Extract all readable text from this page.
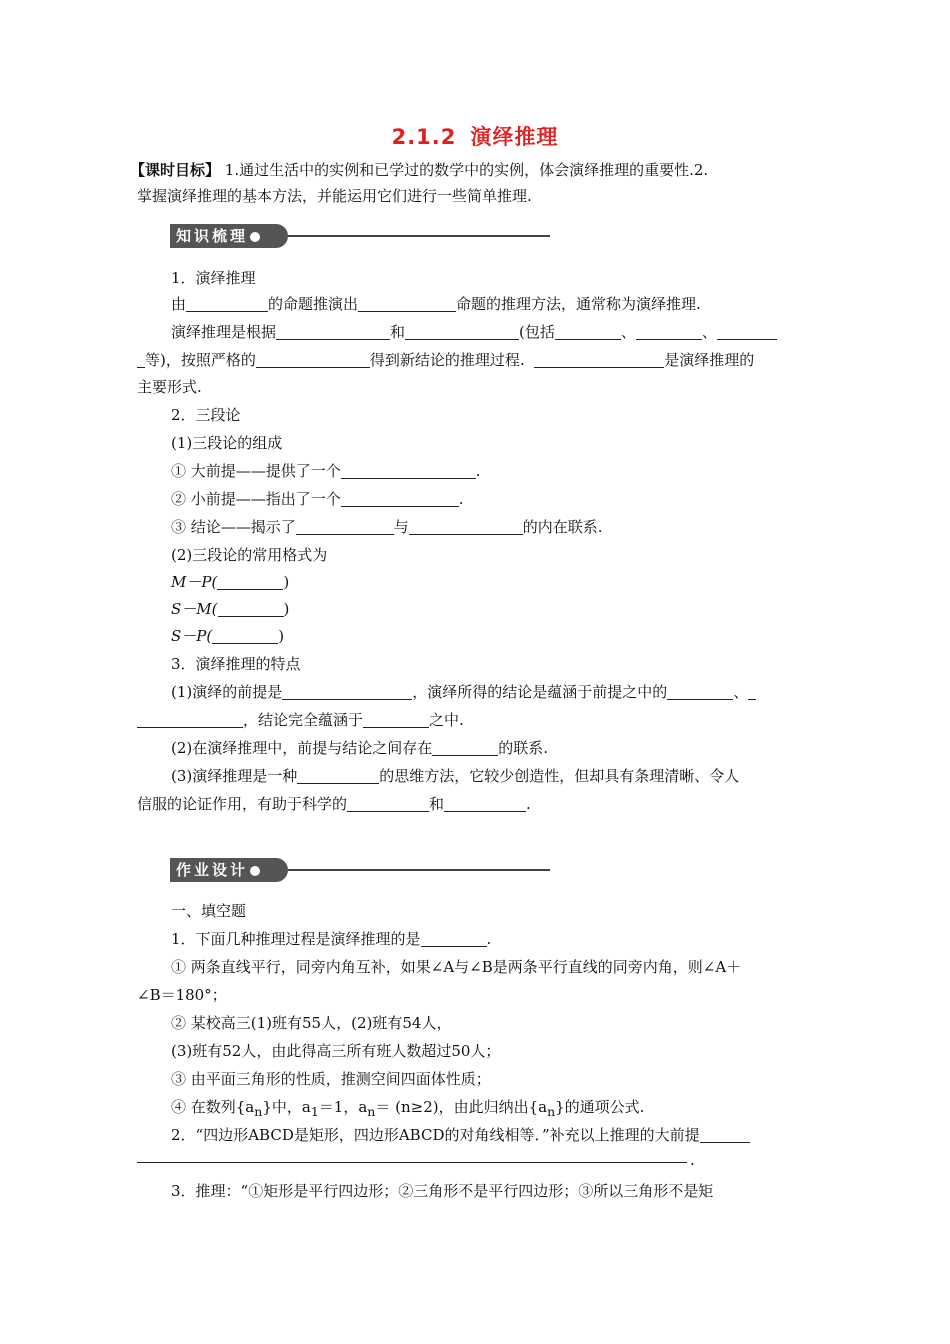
2.1.2 演绎推理
【课时目标】 1.通过生活中的实例和已学过的数学中的实例，体会演绎推理的重要性.2.
掌握演绎推理的基本方法，并能运用它们进行一些简单推理.
知识梳理
1．演绎推理
由	的命题推演出	命题的推理方法，通常称为演绎推理.
演绎推理是根据	和	(包括	、	、
等)，按照严格的	得到新结论的推理过程.	是演绎推理的
主要形式.
2．三段论
(1)三段论的组成
① 大前提——提供了一个	.
② 小前提——指出了一个	.
③ 结论——揭示了	与	的内在联系.
(2)三段论的常用格式为
M－P(	)
S－M(	)
S－P(	)
3．演绎推理的特点
(1)演绎的前提是	，演绎所得的结论是蕴涵于前提之中的	、
，结论完全蕴涵于	之中.
(2)在演绎推理中，前提与结论之间存在	的联系.
(3)演绎推理是一种	的思维方法，它较少创造性，但却具有条理清晰、令人
信服的论证作用，有助于科学的	和	.
作业设计
一、填空题
1．下面几种推理过程是演绎推理的是	.
① 两条直线平行，同旁内角互补，如果∠A与∠B是两条平行直线的同旁内角，则∠A＋
∠B＝180°；
② 某校高三(1)班有55人，(2)班有54人，
(3)班有52人，由此得高三所有班人数超过50人；
③ 由平面三角形的性质，推测空间四面体性质；
④ 在数列$\{a_n\}$中，$a_1=1$，$a_n= (n\ge 2)$，由此归纳出$\{a_n\}$的通项公式.
2．“四边形ABCD是矩形，四边形ABCD的对角线相等．”补充以上推理的大前提
.
3．推理：“①矩形是平行四边形；②三角形不是平行四边形；③所以三角形不是矩
